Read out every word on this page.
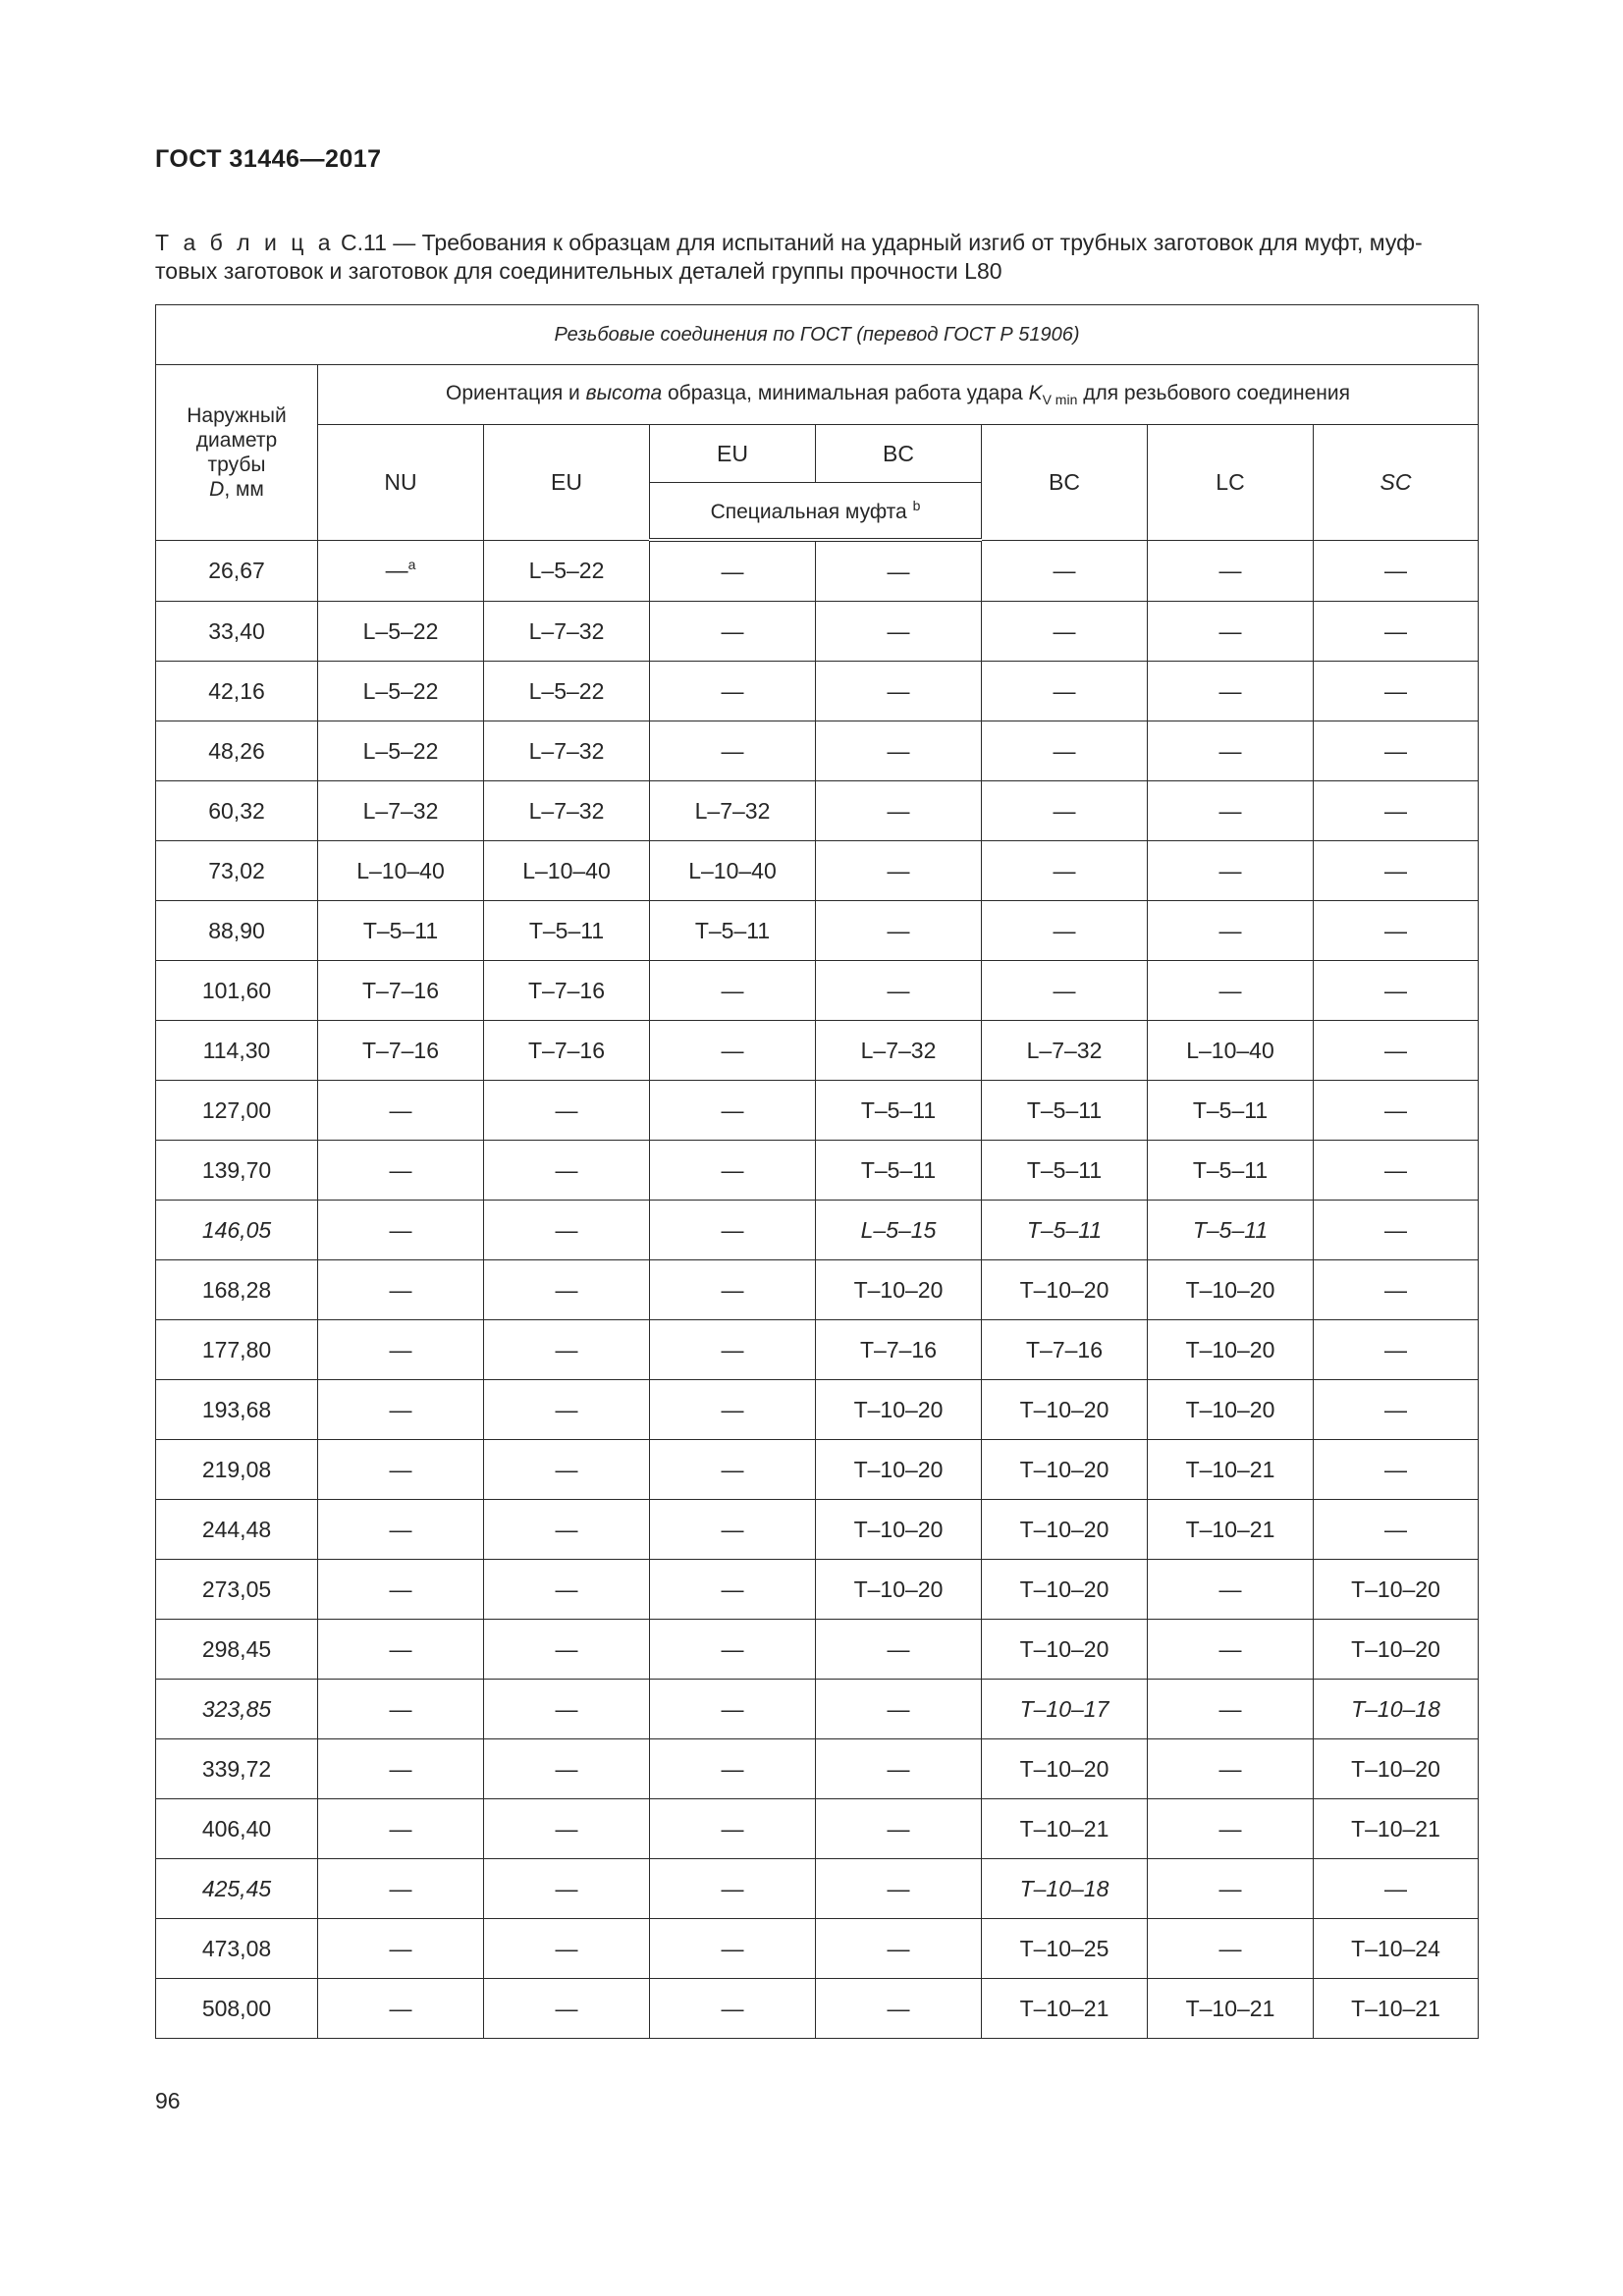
ГОСТ 31446—2017
Т а б л и ц а С.11 — Требования к образцам для испытаний на ударный изгиб от трубных заготовок для муфт, муф-товых заготовок и заготовок для соединительных деталей группы прочности L80
Резьбовые соединения по ГОСТ (перевод ГОСТ Р 51906)							
Наружный
диаметр
трубы
D, мм	Ориентация и высота образца, минимальная работа удара $K_{V min}$ для резьбового соединения						
	NU	EU	EU	BC	BC	LC	SC
			Специальная муфта $^b$
26,67	—$^a$	L–5–22	—	—	—	—	—
33,40	L–5–22	L–7–32	—	—	—	—	—
42,16	L–5–22	L–5–22	—	—	—	—	—
48,26	L–5–22	L–7–32	—	—	—	—	—
60,32	L–7–32	L–7–32	L–7–32	—	—	—	—
73,02	L–10–40	L–10–40	L–10–40	—	—	—	—
88,90	T–5–11	T–5–11	T–5–11	—	—	—	—
101,60	T–7–16	T–7–16	—	—	—	—	—
114,30	T–7–16	T–7–16	—	L–7–32	L–7–32	L–10–40	—
127,00	—	—	—	T–5–11	T–5–11	T–5–11	—
139,70	—	—	—	T–5–11	T–5–11	T–5–11	—
146,05	—	—	—	L–5–15	T–5–11	T–5–11	—
168,28	—	—	—	T–10–20	T–10–20	T–10–20	—
177,80	—	—	—	T–7–16	T–7–16	T–10–20	—
193,68	—	—	—	T–10–20	T–10–20	T–10–20	—
219,08	—	—	—	T–10–20	T–10–20	T–10–21	—
244,48	—	—	—	T–10–20	T–10–20	T–10–21	—
273,05	—	—	—	T–10–20	T–10–20	—	T–10–20
298,45	—	—	—	—	T–10–20	—	T–10–20
323,85	—	—	—	—	T–10–17	—	T–10–18
339,72	—	—	—	—	T–10–20	—	T–10–20
406,40	—	—	—	—	T–10–21	—	T–10–21
425,45	—	—	—	—	T–10–18	—	—
473,08	—	—	—	—	T–10–25	—	T–10–24
508,00	—	—	—	—	T–10–21	T–10–21	T–10–21
96
